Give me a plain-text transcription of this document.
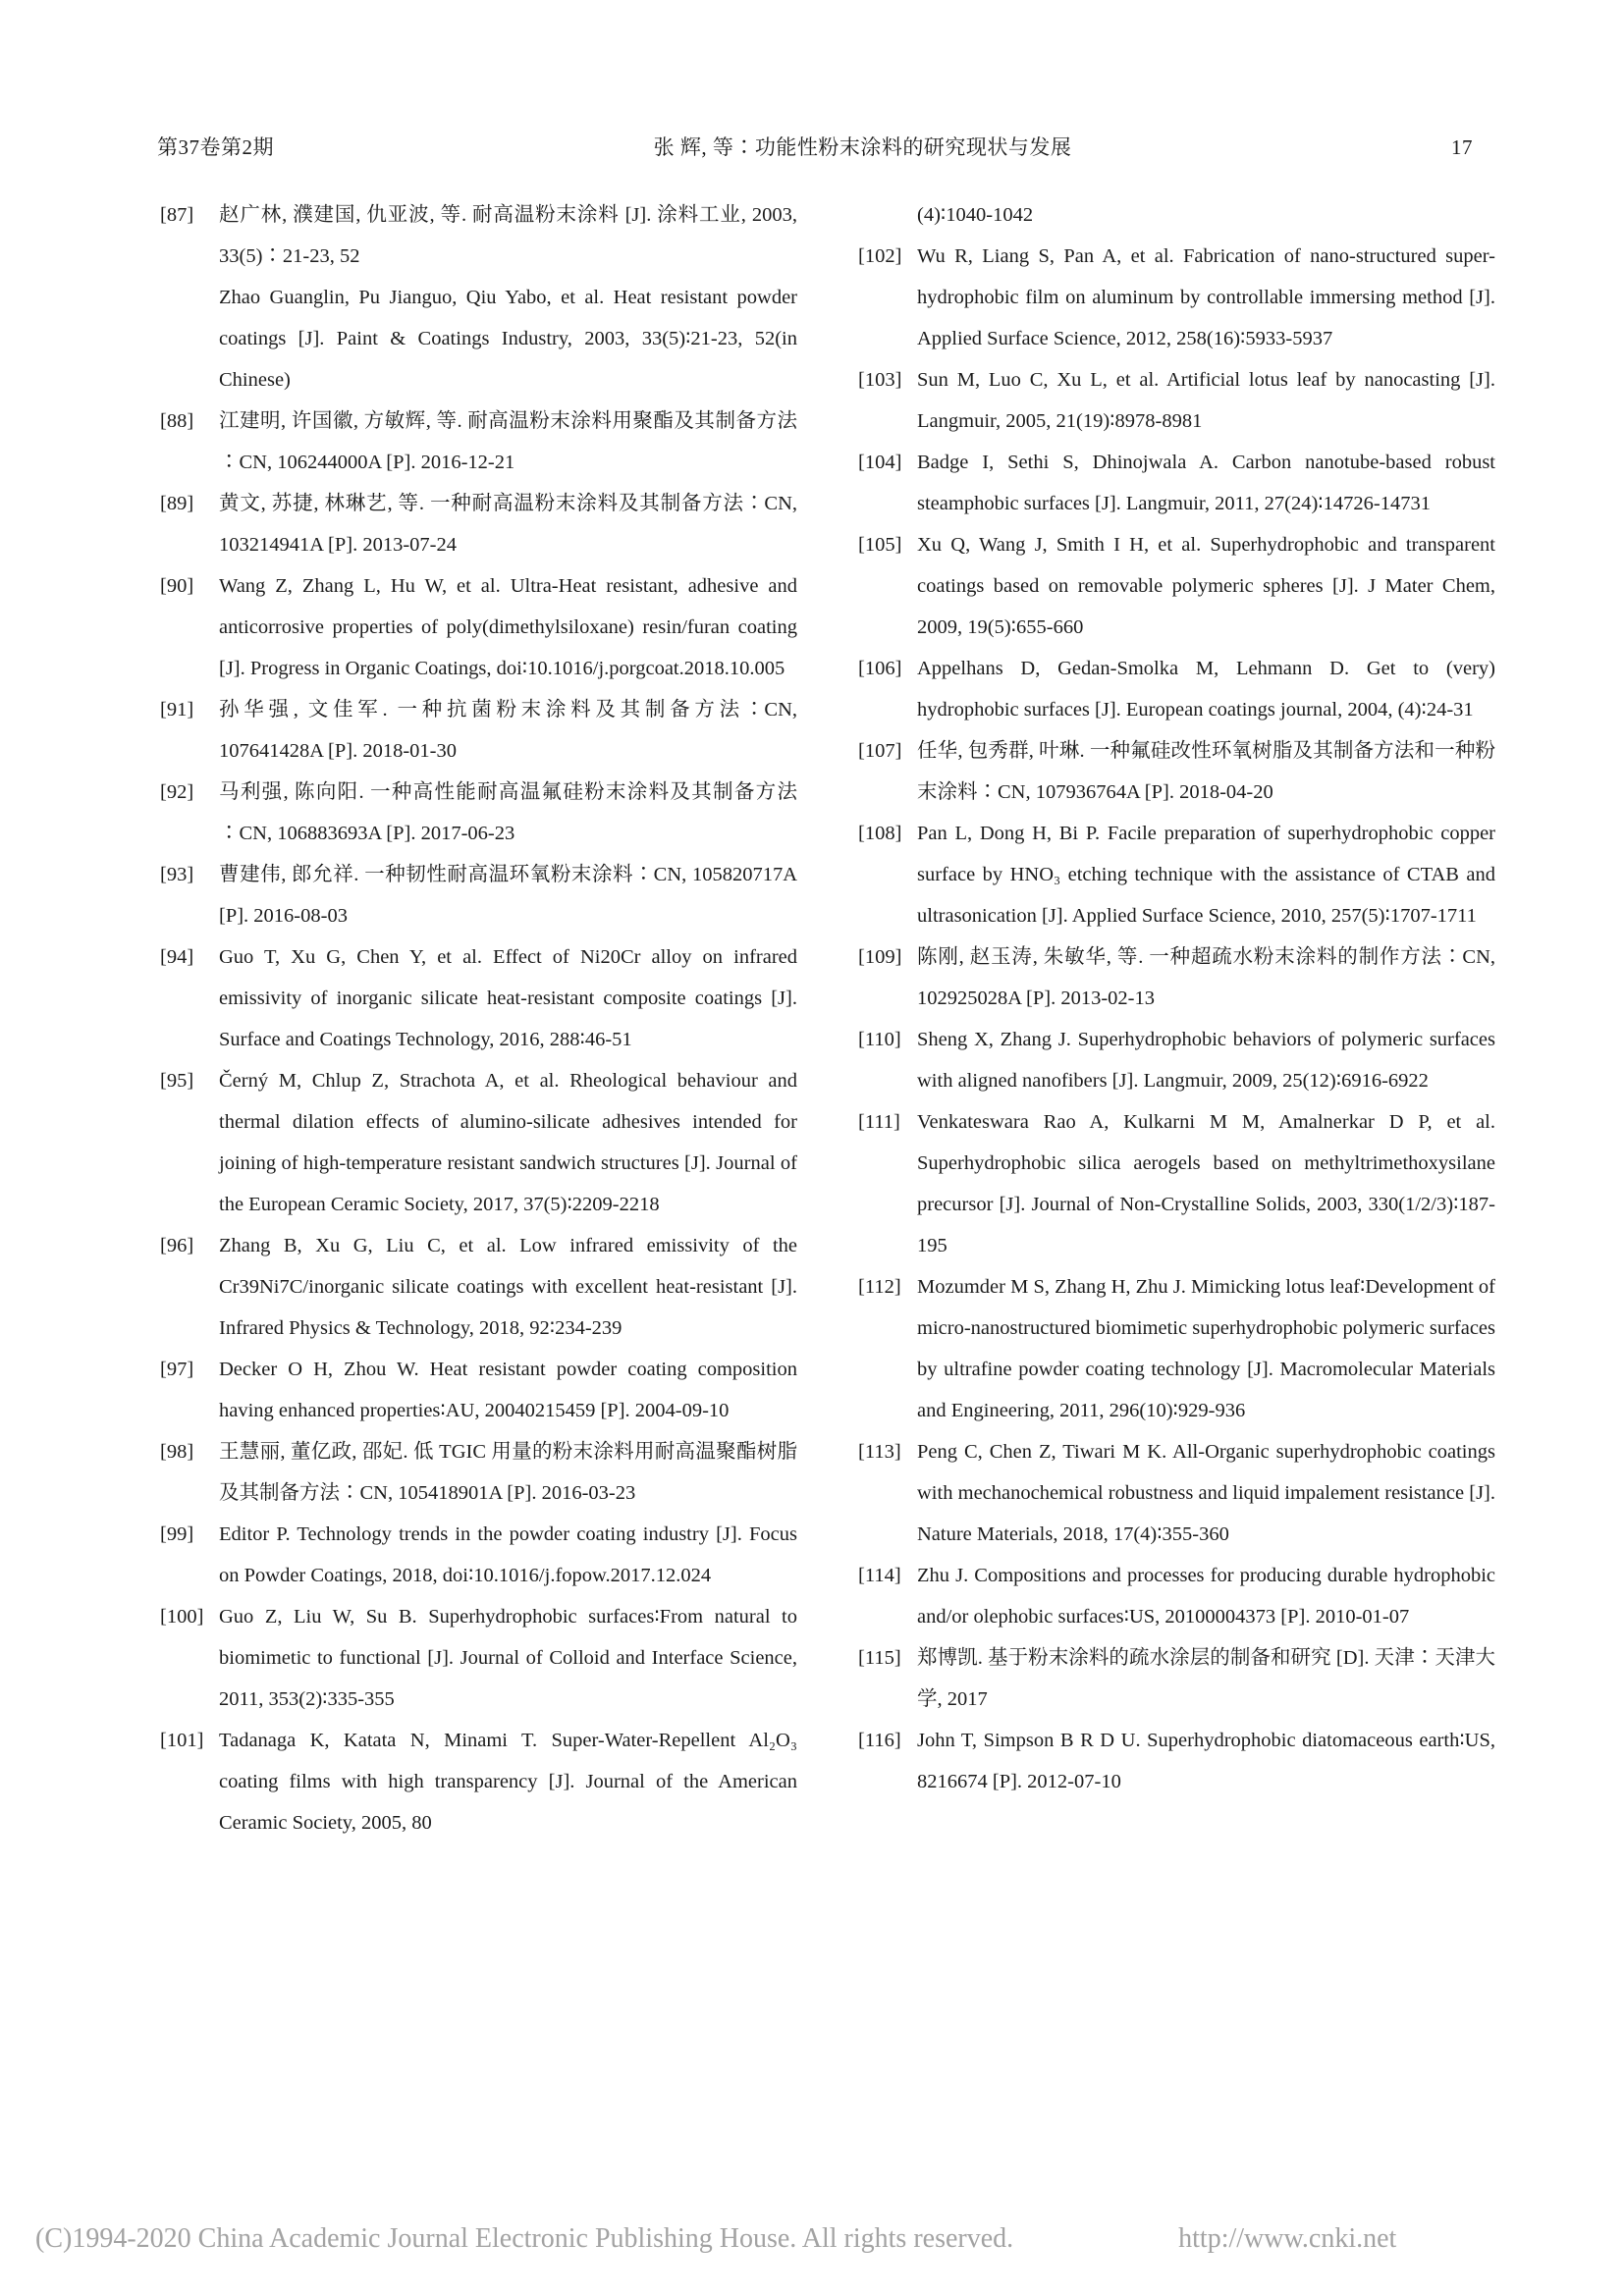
第37卷第2期	张 辉, 等∶功能性粉末涂料的研究现状与发展	17
[87]	赵广林, 濮建国, 仇亚波, 等. 耐高温粉末涂料 [J]. 涂料工业, 2003, 33(5)∶21-23, 52
Zhao Guanglin, Pu Jianguo, Qiu Yabo, et al. Heat resistant powder coatings [J]. Paint & Coatings Industry, 2003, 33(5)∶21-23, 52(in Chinese)
[88]	江建明, 许国徽, 方敏辉, 等. 耐高温粉末涂料用聚酯及其制备方法∶CN, 106244000A [P]. 2016-12-21
[89]	黄文, 苏捷, 林琳艺, 等. 一种耐高温粉末涂料及其制备方法∶CN, 103214941A [P]. 2013-07-24
[90]	Wang Z, Zhang L, Hu W, et al. Ultra-Heat resistant, adhesive and anticorrosive properties of poly(dimethylsiloxane) resin/furan coating [J]. Progress in Organic Coatings, doi∶10.1016/j.porgcoat.2018.10.005
[91]	孙华强, 文佳军. 一种抗菌粉末涂料及其制备方法∶CN, 107641428A [P]. 2018-01-30
[92]	马利强, 陈向阳. 一种高性能耐高温氟硅粉末涂料及其制备方法∶CN, 106883693A [P]. 2017-06-23
[93]	曹建伟, 郎允祥. 一种韧性耐高温环氧粉末涂料∶CN, 105820717A [P]. 2016-08-03
[94]	Guo T, Xu G, Chen Y, et al. Effect of Ni20Cr alloy on infrared emissivity of inorganic silicate heat-resistant composite coatings [J]. Surface and Coatings Technology, 2016, 288∶46-51
[95]	Černý M, Chlup Z, Strachota A, et al. Rheological behaviour and thermal dilation effects of alumino-silicate adhesives intended for joining of high-temperature resistant sandwich structures [J]. Journal of the European Ceramic Society, 2017, 37(5)∶2209-2218
[96]	Zhang B, Xu G, Liu C, et al. Low infrared emissivity of the Cr39Ni7C/inorganic silicate coatings with excellent heat-resistant [J]. Infrared Physics & Technology, 2018, 92∶234-239
[97]	Decker O H, Zhou W. Heat resistant powder coating composition having enhanced properties∶AU, 20040215459 [P]. 2004-09-10
[98]	王慧丽, 董亿政, 邵妃. 低 TGIC 用量的粉末涂料用耐高温聚酯树脂及其制备方法∶CN, 105418901A [P]. 2016-03-23
[99]	Editor P. Technology trends in the powder coating industry [J]. Focus on Powder Coatings, 2018, doi∶10.1016/j.fopow.2017.12.024
[100] Guo Z, Liu W, Su B. Superhydrophobic surfaces∶From natural to biomimetic to functional [J]. Journal of Colloid and Interface Science, 2011, 353(2)∶335-355
[101] Tadanaga K, Katata N, Minami T. Super-Water-Repellent Al₂O₃ coating films with high transparency [J]. Journal of the American Ceramic Society, 2005, 80
(4)∶1040-1042
[102] Wu R, Liang S, Pan A, et al. Fabrication of nano-structured super-hydrophobic film on aluminum by controllable immersing method [J]. Applied Surface Science, 2012, 258(16)∶5933-5937
[103] Sun M, Luo C, Xu L, et al. Artificial lotus leaf by nanocasting [J]. Langmuir, 2005, 21(19)∶8978-8981
[104] Badge I, Sethi S, Dhinojwala A. Carbon nanotube-based robust steamphobic surfaces [J]. Langmuir, 2011, 27(24)∶14726-14731
[105] Xu Q, Wang J, Smith I H, et al. Superhydrophobic and transparent coatings based on removable polymeric spheres [J]. J Mater Chem, 2009, 19(5)∶655-660
[106] Appelhans D, Gedan-Smolka M, Lehmann D. Get to (very) hydrophobic surfaces [J]. European coatings journal, 2004, (4)∶24-31
[107] 任华, 包秀群, 叶琳. 一种氟硅改性环氧树脂及其制备方法和一种粉末涂料∶CN, 107936764A [P]. 2018-04-20
[108] Pan L, Dong H, Bi P. Facile preparation of superhydrophobic copper surface by HNO₃ etching technique with the assistance of CTAB and ultrasonication [J]. Applied Surface Science, 2010, 257(5)∶1707-1711
[109] 陈刚, 赵玉涛, 朱敏华, 等. 一种超疏水粉末涂料的制作方法∶CN, 102925028A [P]. 2013-02-13
[110] Sheng X, Zhang J. Superhydrophobic behaviors of polymeric surfaces with aligned nanofibers [J]. Langmuir, 2009, 25(12)∶6916-6922
[111] Venkateswara Rao A, Kulkarni M M, Amalnerkar D P, et al. Superhydrophobic silica aerogels based on methyltrimethoxysilane precursor [J]. Journal of Non-Crystalline Solids, 2003, 330(1/2/3)∶187-195
[112] Mozumder M S, Zhang H, Zhu J. Mimicking lotus leaf∶Development of micro-nanostructured biomimetic superhydrophobic polymeric surfaces by ultrafine powder coating technology [J]. Macromolecular Materials and Engineering, 2011, 296(10)∶929-936
[113] Peng C, Chen Z, Tiwari M K. All-Organic superhydrophobic coatings with mechanochemical robustness and liquid impalement resistance [J]. Nature Materials, 2018, 17(4)∶355-360
[114] Zhu J. Compositions and processes for producing durable hydrophobic and/or olephobic surfaces∶US, 20100004373 [P]. 2010-01-07
[115] 郑博凯. 基于粉末涂料的疏水涂层的制备和研究 [D]. 天津∶天津大学, 2017
[116] John T, Simpson B R D U. Superhydrophobic diatomaceous earth∶US, 8216674 [P]. 2012-07-10
(C)1994-2020 China Academic Journal Electronic Publishing House. All rights reserved.	http://www.cnki.net
